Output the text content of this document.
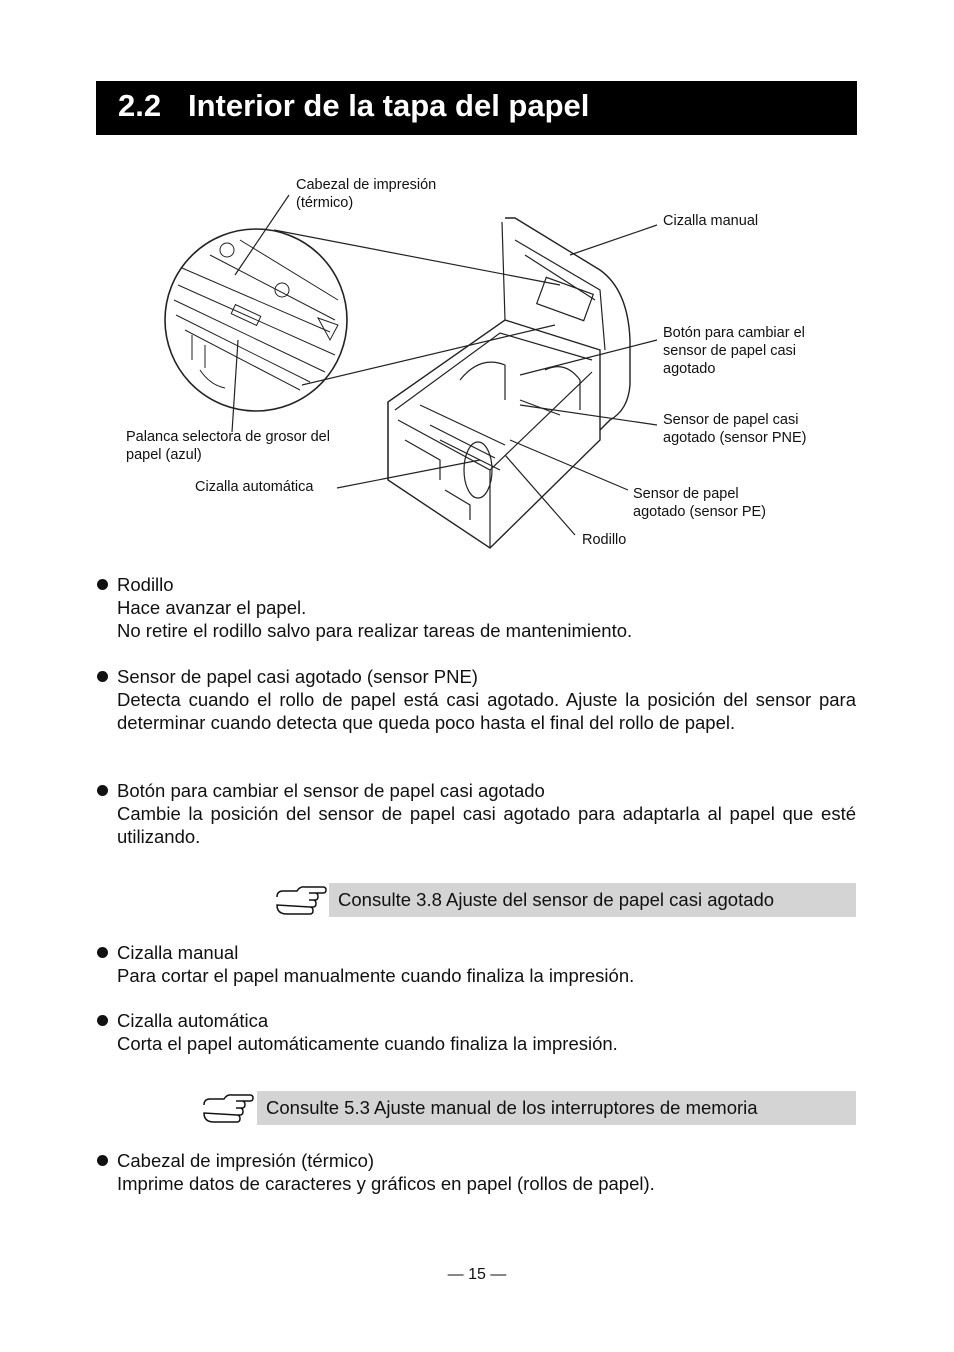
2.2 Interior de la tapa del papel
Cabezal de impresión
(térmico)
Cizalla manual
Botón para cambiar el
sensor de papel casi
agotado
Sensor de papel casi
agotado (sensor PNE)
Sensor de papel
agotado (sensor PE)
Rodillo
Palanca selectora de grosor del
papel (azul)
Cizalla automática
Rodillo

Hace avanzar el papel.

No retire el rodillo salvo para realizar tareas de mantenimiento.

Sensor de papel casi agotado (sensor PNE)

Detecta cuando el rollo de papel está casi agotado. Ajuste la posición del sensor para determinar cuando detecta que queda poco hasta el final del rollo de papel.

Botón para cambiar el sensor de papel casi agotado

Cambie la posición del sensor de papel casi agotado para adaptarla al papel que esté utilizando.

Consulte 3.8 Ajuste del sensor de papel casi agotado
Cizalla manual

Para cortar el papel manualmente cuando finaliza la impresión.

Cizalla automática

Corta el papel automáticamente cuando finaliza la impresión.

Consulte 5.3 Ajuste manual de los interruptores de memoria
Cabezal de impresión (térmico)

Imprime datos de caracteres y gráficos en papel (rollos de papel).

— 15 —
